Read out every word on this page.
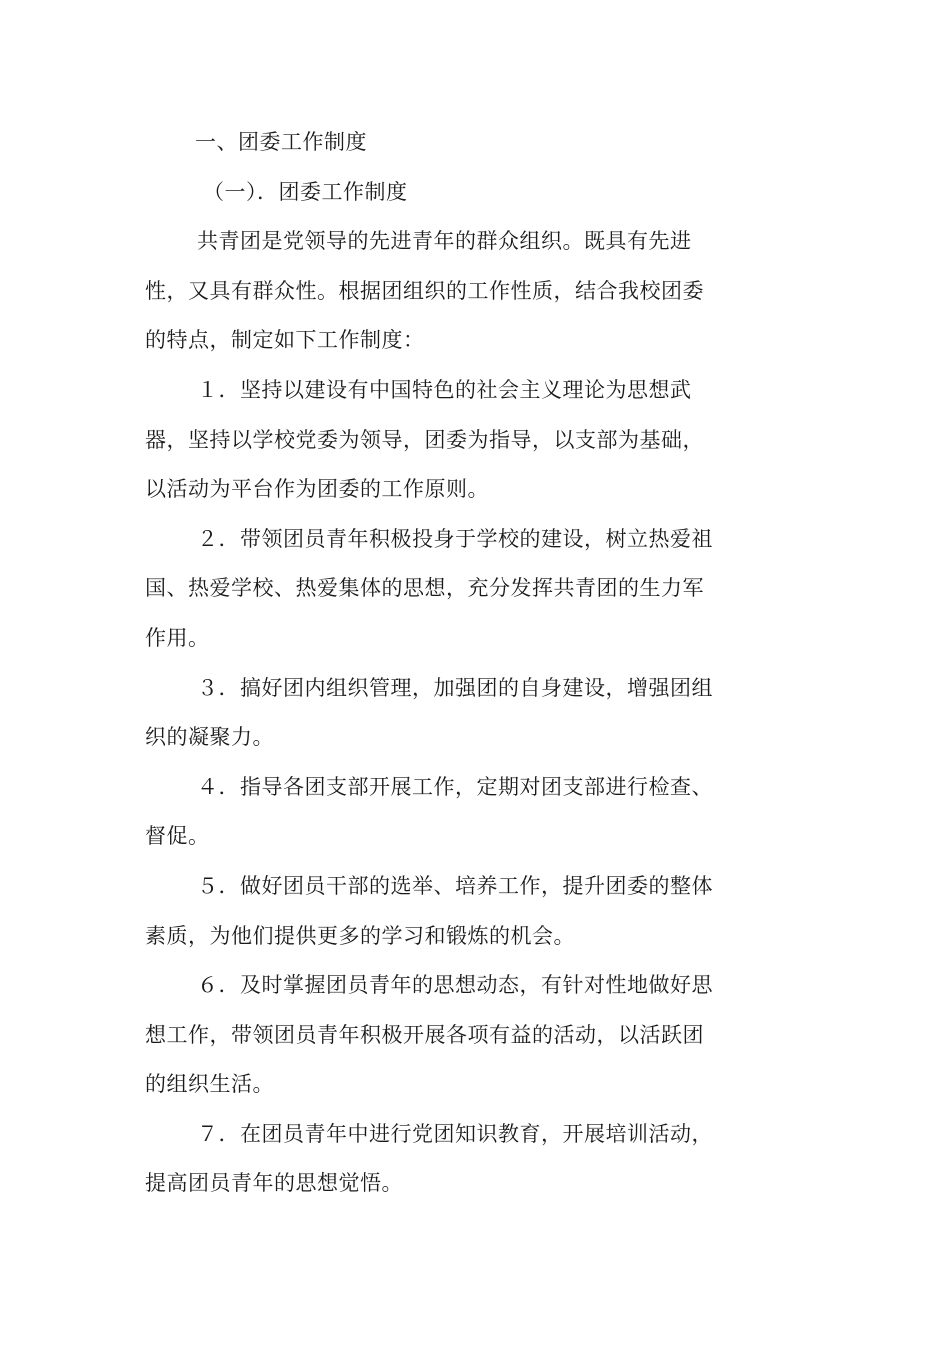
一、团委工作制度

（一）．团委工作制度

共青团是党领导的先进青年的群众组织。既具有先进

性，又具有群众性。根据团组织的工作性质，结合我校团委

的特点，制定如下工作制度：

１．坚持以建设有中国特色的社会主义理论为思想武

器，坚持以学校党委为领导，团委为指导，以支部为基础，

以活动为平台作为团委的工作原则。

２．带领团员青年积极投身于学校的建设，树立热爱祖

国、热爱学校、热爱集体的思想，充分发挥共青团的生力军

作用。

３．搞好团内组织管理，加强团的自身建设，增强团组

织的凝聚力。

４．指导各团支部开展工作，定期对团支部进行检查、

督促。

５．做好团员干部的选举、培养工作，提升团委的整体

素质，为他们提供更多的学习和锻炼的机会。

６．及时掌握团员青年的思想动态，有针对性地做好思

想工作，带领团员青年积极开展各项有益的活动，以活跃团

的组织生活。

７．在团员青年中进行党团知识教育，开展培训活动，

提高团员青年的思想觉悟。
